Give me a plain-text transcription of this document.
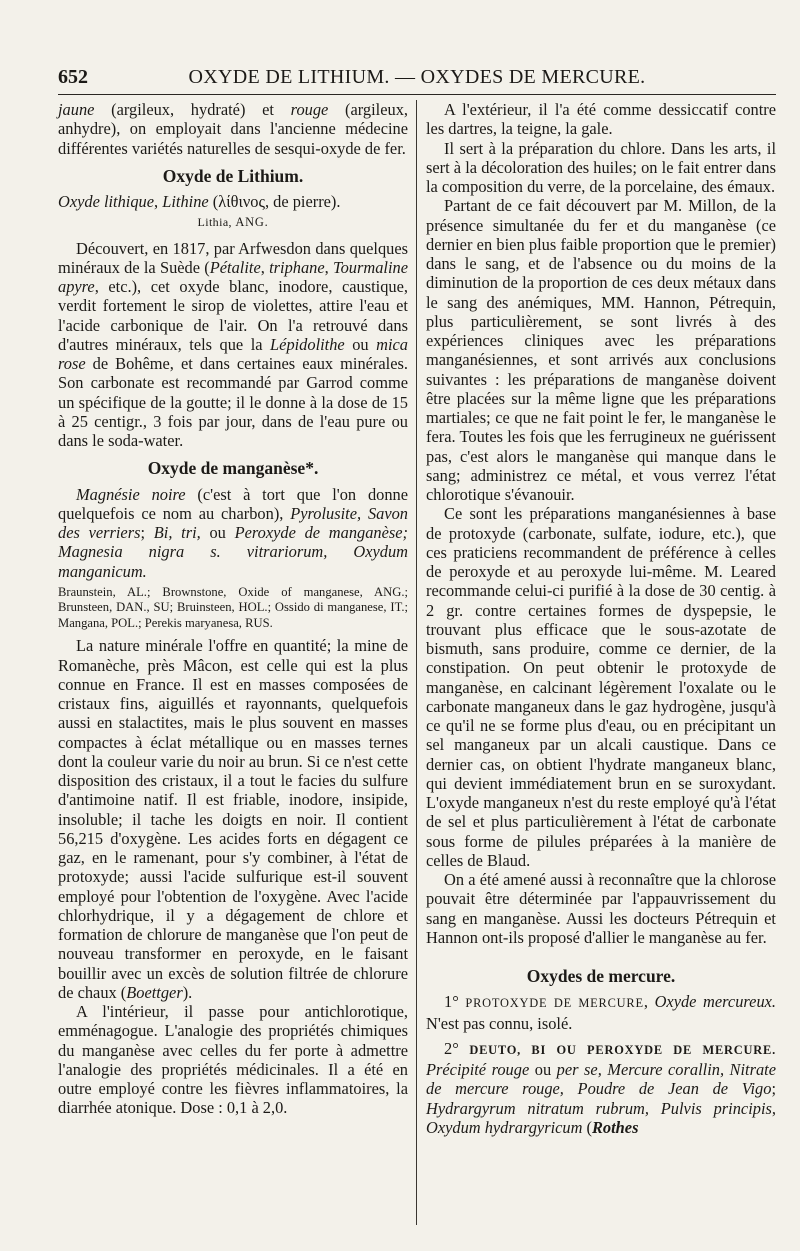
652	OXYDE DE LITHIUM. — OXYDES DE MERCURE.

jaune (argileux, hydraté) et rouge (argileux, anhydre), on employait dans l'ancienne médecine différentes variétés naturelles de sesqui-oxyde de fer.

Oxyde de Lithium.

Oxyde lithique, Lithine (λίθινος, de pierre).

Lithia, ANG.

Découvert, en 1817, par Arfwesdon dans quelques minéraux de la Suède (Pétalite, triphane, Tourmaline apyre, etc.), cet oxyde blanc, inodore, caustique, verdit fortement le sirop de violettes, attire l'eau et l'acide carbonique de l'air. On l'a retrouvé dans d'autres minéraux, tels que la Lépidolithe ou mica rose de Bohême, et dans certaines eaux minérales. Son carbonate est recommandé par Garrod comme un spécifique de la goutte; il le donne à la dose de 15 à 25 centigr., 3 fois par jour, dans de l'eau pure ou dans le soda-water.

Oxyde de manganèse*.

Magnésie noire (c'est à tort que l'on donne quelquefois ce nom au charbon), Pyrolusite, Savon des verriers; Bi, tri, ou Peroxyde de manganèse; Magnesia nigra s. vitrariorum, Oxydum manganicum.

Braunstein, AL.; Brownstone, Oxide of manganese, ANG.; Brunsteen, DAN., SU; Bruinsteen, HOL.; Ossido di manganese, IT.; Mangana, POL.; Perekis maryanesa, RUS.

La nature minérale l'offre en quantité; la mine de Romanèche, près Mâcon, est celle qui est la plus connue en France. Il est en masses composées de cristaux fins, aiguillés et rayonnants, quelquefois aussi en stalactites, mais le plus souvent en masses compactes à éclat métallique ou en masses ternes dont la couleur varie du noir au brun. Si ce n'est cette disposition des cristaux, il a tout le facies du sulfure d'antimoine natif. Il est friable, inodore, insipide, insoluble; il tache les doigts en noir. Il contient 56,215 d'oxygène. Les acides forts en dégagent ce gaz, en le ramenant, pour s'y combiner, à l'état de protoxyde; aussi l'acide sulfurique est-il souvent employé pour l'obtention de l'oxygène. Avec l'acide chlorhydrique, il y a dégagement de chlore et formation de chlorure de manganèse que l'on peut de nouveau transformer en peroxyde, en le faisant bouillir avec un excès de solution filtrée de chlorure de chaux (Boettger).

A l'intérieur, il passe pour antichlorotique, emménagogue. L'analogie des propriétés chimiques du manganèse avec celles du fer porte à admettre l'analogie des propriétés médicinales. Il a été en outre employé contre les fièvres inflammatoires, la diarrhée atonique. Dose : 0,1 à 2,0.

A l'extérieur, il l'a été comme dessiccatif contre les dartres, la teigne, la gale.

Il sert à la préparation du chlore. Dans les arts, il sert à la décoloration des huiles; on le fait entrer dans la composition du verre, de la porcelaine, des émaux.

Partant de ce fait découvert par M. Millon, de la présence simultanée du fer et du manganèse (ce dernier en bien plus faible proportion que le premier) dans le sang, et de l'absence ou du moins de la diminution de la proportion de ces deux métaux dans le sang des anémiques, MM. Hannon, Pétrequin, plus particulièrement, se sont livrés à des expériences cliniques avec les préparations manganésiennes, et sont arrivés aux conclusions suivantes : les préparations de manganèse doivent être placées sur la même ligne que les préparations martiales; ce que ne fait point le fer, le manganèse le fera. Toutes les fois que les ferrugineux ne guérissent pas, c'est alors le manganèse qui manque dans le sang; administrez ce métal, et vous verrez l'état chlorotique s'évanouir.

Ce sont les préparations manganésiennes à base de protoxyde (carbonate, sulfate, iodure, etc.), que ces praticiens recommandent de préférence à celles de peroxyde et au peroxyde lui-même. M. Leared recommande celui-ci purifié à la dose de 30 centig. à 2 gr. contre certaines formes de dyspepsie, le trouvant plus efficace que le sous-azotate de bismuth, sans produire, comme ce dernier, de la constipation. On peut obtenir le protoxyde de manganèse, en calcinant légèrement l'oxalate ou le carbonate manganeux dans le gaz hydrogène, jusqu'à ce qu'il ne se forme plus d'eau, ou en précipitant un sel manganeux par un alcali caustique. Dans ce dernier cas, on obtient l'hydrate manganeux blanc, qui devient immédiatement brun en se suroxydant. L'oxyde manganeux n'est du reste employé qu'à l'état de sel et plus particulièrement à l'état de carbonate sous forme de pilules préparées à la manière de celles de Blaud.

On a été amené aussi à reconnaître que la chlorose pouvait être déterminée par l'appauvrissement du sang en manganèse. Aussi les docteurs Pétrequin et Hannon ont-ils proposé d'allier le manganèse au fer.

Oxydes de mercure.

1° PROTOXYDE DE MERCURE, Oxyde mercureux. N'est pas connu, isolé.

2° DEUTO, BI OU PEROXYDE DE MERCURE. Précipité rouge ou per se, Mercure corallin, Nitrate de mercure rouge, Poudre de Jean de Vigo; Hydrargyrum nitratum rubrum, Pulvis principis, Oxydum hydrargyricum (Rothes
